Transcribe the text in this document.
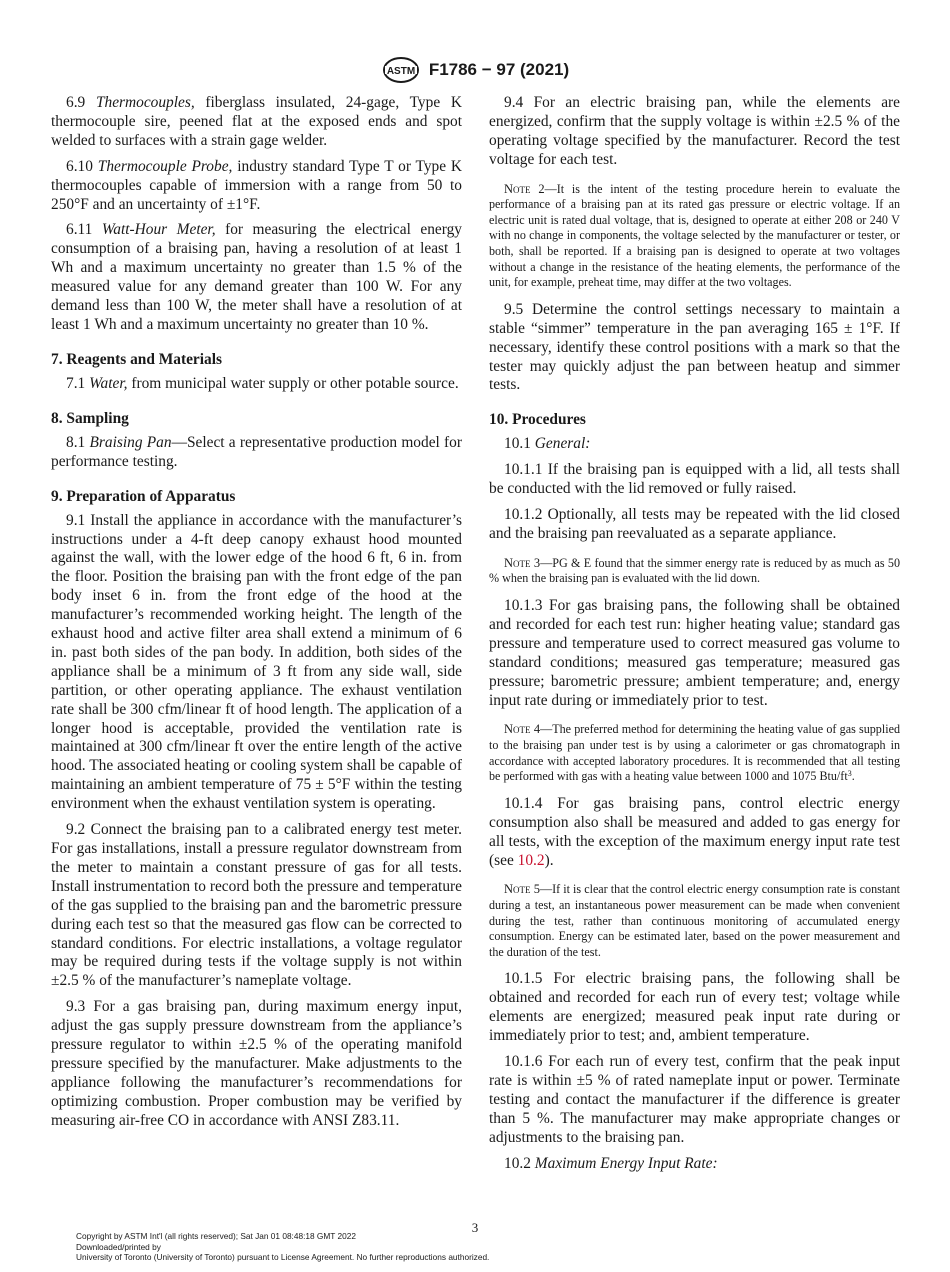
ASTM F1786 − 97 (2021)

6.9 Thermocouples, fiberglass insulated, 24-gage, Type K thermocouple sire, peened flat at the exposed ends and spot welded to surfaces with a strain gage welder.

6.10 Thermocouple Probe, industry standard Type T or Type K thermocouples capable of immersion with a range from 50 to 250°F and an uncertainty of ±1°F.

6.11 Watt-Hour Meter, for measuring the electrical energy consumption of a braising pan, having a resolution of at least 1 Wh and a maximum uncertainty no greater than 1.5 % of the measured value for any demand greater than 100 W. For any demand less than 100 W, the meter shall have a resolution of at least 1 Wh and a maximum uncertainty no greater than 10 %.

7. Reagents and Materials

7.1 Water, from municipal water supply or other potable source.

8. Sampling

8.1 Braising Pan—Select a representative production model for performance testing.

9. Preparation of Apparatus

9.1 Install the appliance in accordance with the manufacturer’s instructions under a 4-ft deep canopy exhaust hood mounted against the wall, with the lower edge of the hood 6 ft, 6 in. from the floor. Position the braising pan with the front edge of the pan body inset 6 in. from the front edge of the hood at the manufacturer’s recommended working height. The length of the exhaust hood and active filter area shall extend a minimum of 6 in. past both sides of the pan body. In addition, both sides of the appliance shall be a minimum of 3 ft from any side wall, side partition, or other operating appliance. The exhaust ventilation rate shall be 300 cfm/linear ft of hood length. The application of a longer hood is acceptable, provided the ventilation rate is maintained at 300 cfm/linear ft over the entire length of the active hood. The associated heating or cooling system shall be capable of maintaining an ambient temperature of 75 ± 5°F within the testing environment when the exhaust ventilation system is operating.

9.2 Connect the braising pan to a calibrated energy test meter. For gas installations, install a pressure regulator downstream from the meter to maintain a constant pressure of gas for all tests. Install instrumentation to record both the pressure and temperature of the gas supplied to the braising pan and the barometric pressure during each test so that the measured gas flow can be corrected to standard conditions. For electric installations, a voltage regulator may be required during tests if the voltage supply is not within ±2.5 % of the manufacturer’s nameplate voltage.

9.3 For a gas braising pan, during maximum energy input, adjust the gas supply pressure downstream from the appliance’s pressure regulator to within ±2.5 % of the operating manifold pressure specified by the manufacturer. Make adjustments to the appliance following the manufacturer’s recommendations for optimizing combustion. Proper combustion may be verified by measuring air-free CO in accordance with ANSI Z83.11.

9.4 For an electric braising pan, while the elements are energized, confirm that the supply voltage is within ±2.5 % of the operating voltage specified by the manufacturer. Record the test voltage for each test.

Note 2—It is the intent of the testing procedure herein to evaluate the performance of a braising pan at its rated gas pressure or electric voltage. If an electric unit is rated dual voltage, that is, designed to operate at either 208 or 240 V with no change in components, the voltage selected by the manufacturer or tester, or both, shall be reported. If a braising pan is designed to operate at two voltages without a change in the resistance of the heating elements, the performance of the unit, for example, preheat time, may differ at the two voltages.

9.5 Determine the control settings necessary to maintain a stable “simmer” temperature in the pan averaging 165 ± 1°F. If necessary, identify these control positions with a mark so that the tester may quickly adjust the pan between heatup and simmer tests.

10. Procedures

10.1 General:

10.1.1 If the braising pan is equipped with a lid, all tests shall be conducted with the lid removed or fully raised.

10.1.2 Optionally, all tests may be repeated with the lid closed and the braising pan reevaluated as a separate appliance.

Note 3—PG & E found that the simmer energy rate is reduced by as much as 50 % when the braising pan is evaluated with the lid down.

10.1.3 For gas braising pans, the following shall be obtained and recorded for each test run: higher heating value; standard gas pressure and temperature used to correct measured gas volume to standard conditions; measured gas temperature; measured gas pressure; barometric pressure; ambient temperature; and, energy input rate during or immediately prior to test.

Note 4—The preferred method for determining the heating value of gas supplied to the braising pan under test is by using a calorimeter or gas chromatograph in accordance with accepted laboratory procedures. It is recommended that all testing be performed with gas with a heating value between 1000 and 1075 Btu/$ft^3$.

10.1.4 For gas braising pans, control electric energy consumption also shall be measured and added to gas energy for all tests, with the exception of the maximum energy input rate test (see 10.2).

Note 5—If it is clear that the control electric energy consumption rate is constant during a test, an instantaneous power measurement can be made when convenient during the test, rather than continuous monitoring of accumulated energy consumption. Energy can be estimated later, based on the power measurement and the duration of the test.

10.1.5 For electric braising pans, the following shall be obtained and recorded for each run of every test; voltage while elements are energized; measured peak input rate during or immediately prior to test; and, ambient temperature.

10.1.6 For each run of every test, confirm that the peak input rate is within ±5 % of rated nameplate input or power. Terminate testing and contact the manufacturer if the difference is greater than 5 %. The manufacturer may make appropriate changes or adjustments to the braising pan.

10.2 Maximum Energy Input Rate:

3
Copyright by ASTM Int'l (all rights reserved); Sat Jan 01 08:48:18 GMT 2022
Downloaded/printed by
University of Toronto (University of Toronto) pursuant to License Agreement. No further reproductions authorized.
